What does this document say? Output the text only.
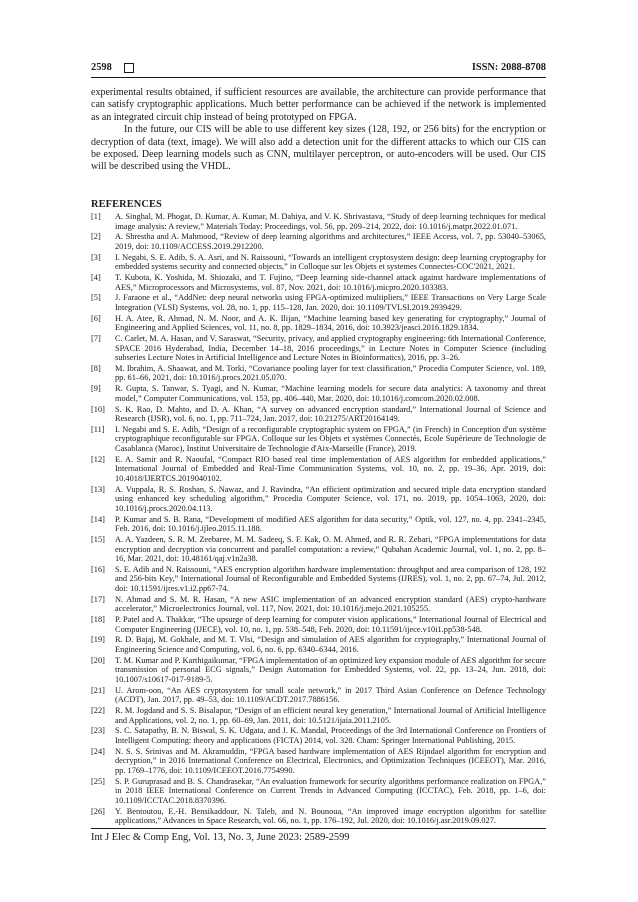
2598	ISSN: 2088-8708

experimental results obtained, if sufficient resources are available, the architecture can provide performance that can satisfy cryptographic applications. Much better performance can be achieved if the network is implemented as an integrated circuit chip instead of being prototyped on FPGA.

In the future, our CIS will be able to use different key sizes (128, 192, or 256 bits) for the encryption or decryption of data (text, image). We will also add a detection unit for the different attacks to which our CIS can be exposed. Deep learning models such as CNN, multilayer perceptron, or auto-encoders will be used. Our CIS will be described using the VHDL.

REFERENCES
[1] A. Singhal, M. Phogat, D. Kumar, A. Kumar, M. Dahiya, and V. K. Shrivastava, “Study of deep learning techniques for medical image analysis: A review,” Materials Today: Proceedings, vol. 56, pp. 209–214, 2022, doi: 10.1016/j.matpr.2022.01.071.
[2] A. Shrestha and A. Mahmood, “Review of deep learning algorithms and architectures,” IEEE Access, vol. 7, pp. 53040–53065, 2019, doi: 10.1109/ACCESS.2019.2912200.
[3] I. Negabi, S. E. Adib, S. A. Asri, and N. Raissouni, “Towards an intelligent cryptosystem design: deep learning cryptography for embedded systems security and connected objects,” in Colloque sur les Objets et systemes Connectes-COC'2021, 2021.
[4] T. Kubota, K. Yoshida, M. Shiozaki, and T. Fujino, “Deep learning side-channel attack against hardware implementations of AES,” Microprocessors and Microsystems, vol. 87, Nov. 2021, doi: 10.1016/j.micpro.2020.103383.
[5] J. Faraone et al., “AddNet: deep neural networks using FPGA-optimized multipliers,” IEEE Transactions on Very Large Scale Integration (VLSI) Systems, vol. 28, no. 1, pp. 115–128, Jan. 2020, doi: 10.1109/TVLSI.2019.2939429.
[6] H. A. Atee, R. Ahmad, N. M. Noor, and A. K. Ilijan, “Machine learning based key generating for cryptography,” Journal of Engineering and Applied Sciences, vol. 11, no. 8, pp. 1829–1834, 2016, doi: 10.3923/jeasci.2016.1829.1834.
[7] C. Carlet, M. A. Hasan, and V. Saraswat, “Security, privacy, and applied cryptography engineering: 6th International Conference, SPACE 2016 Hyderabad, India, December 14–18, 2016 proceedings,” in Lecture Notes in Computer Science (including subseries Lecture Notes in Artificial Intelligence and Lecture Notes in Bioinformatics), 2016, pp. 3–26.
[8] M. Ibrahim, A. Shaawat, and M. Torki, “Covariance pooling layer for text classification,” Procedia Computer Science, vol. 189, pp. 61–66, 2021, doi: 10.1016/j.procs.2021.05.070.
[9] R. Gupta, S. Tanwar, S. Tyagi, and N. Kumar, “Machine learning models for secure data analytics: A taxonomy and threat model,” Computer Communications, vol. 153, pp. 406–440, Mar. 2020, doi: 10.1016/j.comcom.2020.02.008.
[10] S. K. Rao, D. Mahto, and D. A. Khan, “A survey on advanced encryption standard,” International Journal of Science and Research (IJSR), vol. 6, no. 1, pp. 711–724, Jan. 2017, doi: 10.21275/ART20164149.
[11] I. Negabi and S. E. Adib, “Design of a reconfigurable cryptographic system on FPGA,” (in French) in Conception d'un système cryptographique reconfigurable sur FPGA. Colloque sur les Objets et systèmes Connectés, Ecole Supérieure de Technologie de Casablanca (Maroc), Institut Universitaire de Technologie d'Aix-Marseille (France), 2019.
[12] E. A. Samir and R. Naoufal, “Compact RIO based real time implementation of AES algorithm for embedded applications,” International Journal of Embedded and Real-Time Communication Systems, vol. 10, no. 2, pp. 19–36, Apr. 2019, doi: 10.4018/IJERTCS.2019040102.
[13] A. Vuppala, R. S. Roshan, S. Nawaz, and J. Ravindra, “An efficient optimization and secured triple data encryption standard using enhanced key scheduling algorithm,” Procedia Computer Science, vol. 171, no. 2019, pp. 1054–1063, 2020, doi: 10.1016/j.procs.2020.04.113.
[14] P. Kumar and S. B. Rana, “Development of modified AES algorithm for data security,” Optik, vol. 127, no. 4, pp. 2341–2345, Feb. 2016, doi: 10.1016/j.ijleo.2015.11.188.
[15] A. A. Yazdeen, S. R. M. Zeebaree, M. M. Sadeeq, S. F. Kak, O. M. Ahmed, and R. R. Zebari, “FPGA implementations for data encryption and decryption via concurrent and parallel computation: a review,” Qubahan Academic Journal, vol. 1, no. 2, pp. 8–16, Mar. 2021, doi: 10.48161/qaj.v1n2a38.
[16] S. E. Adib and N. Raissouni, “AES encryption algorithm hardware implementation: throughput and area comparison of 128, 192 and 256-bits Key,” International Journal of Reconfigurable and Embedded Systems (IJRES), vol. 1, no. 2, pp. 67–74, Jul. 2012, doi: 10.11591/ijres.v1.i2.pp67-74.
[17] N. Ahmad and S. M. R. Hasan, “A new ASIC implementation of an advanced encryption standard (AES) crypto-hardware accelerator,” Microelectronics Journal, vol. 117, Nov. 2021, doi: 10.1016/j.mejo.2021.105255.
[18] P. Patel and A. Thakkar, “The upsurge of deep learning for computer vision applications,” International Journal of Electrical and Computer Engineering (IJECE), vol. 10, no. 1, pp. 538–548, Feb. 2020, doi: 10.11591/ijece.v10i1.pp538-548.
[19] R. D. Bajaj, M. Gokhale, and M. T. Vlsi, “Design and simulation of AES algorithm for cryptography,” International Journal of Engineering Science and Computing, vol. 6, no. 6, pp. 6340–6344, 2016.
[20] T. M. Kumar and P. Karthigaikumar, “FPGA implementation of an optimized key expansion module of AES algorithm for secure transmission of personal ECG signals,” Design Automation for Embedded Systems, vol. 22, pp. 13–24, Jun. 2018, doi: 10.1007/s10617-017-9189-5.
[21] U. Arom-oon, “An AES cryptosystem for small scale network,” in 2017 Third Asian Conference on Defence Technology (ACDT), Jan. 2017, pp. 49–53, doi: 10.1109/ACDT.2017.7886156.
[22] R. M. Jogdand and S. S. Bisalapur, “Design of an efficient neural key generation,” International Journal of Artificial Intelligence and Applications, vol. 2, no. 1, pp. 60–69, Jan. 2011, doi: 10.5121/ijaia.2011.2105.
[23] S. C. Satapathy, B. N. Biswal, S. K. Udgata, and J. K. Mandal, Proceedings of the 3rd International Conference on Frontiers of Intelligent Computing: theory and applications (FICTA) 2014, vol. 328. Cham: Springer International Publishing, 2015.
[24] N. S. S. Srinivas and M. Akramuddin, “FPGA based hardware implementation of AES Rijndael algorithm for encryption and decryption,” in 2016 International Conference on Electrical, Electronics, and Optimization Techniques (ICEEOT), Mar. 2016, pp. 1769–1776, doi: 10.1109/ICEEOT.2016.7754990.
[25] S. P. Guruprasad and B. S. Chandrasekar, “An evaluation framework for security algorithms performance realization on FPGA,” in 2018 IEEE International Conference on Current Trends in Advanced Computing (ICCTAC), Feb. 2018, pp. 1–6, doi: 10.1109/ICCTAC.2018.8370396.
[26] Y. Bentoutou, E.-H. Bensikaddour, N. Taleb, and N. Bounoua, “An improved image encryption algorithm for satellite applications,” Advances in Space Research, vol. 66, no. 1, pp. 176–192, Jul. 2020, doi: 10.1016/j.asr.2019.09.027.
Int J Elec & Comp Eng, Vol. 13, No. 3, June 2023: 2589-2599
